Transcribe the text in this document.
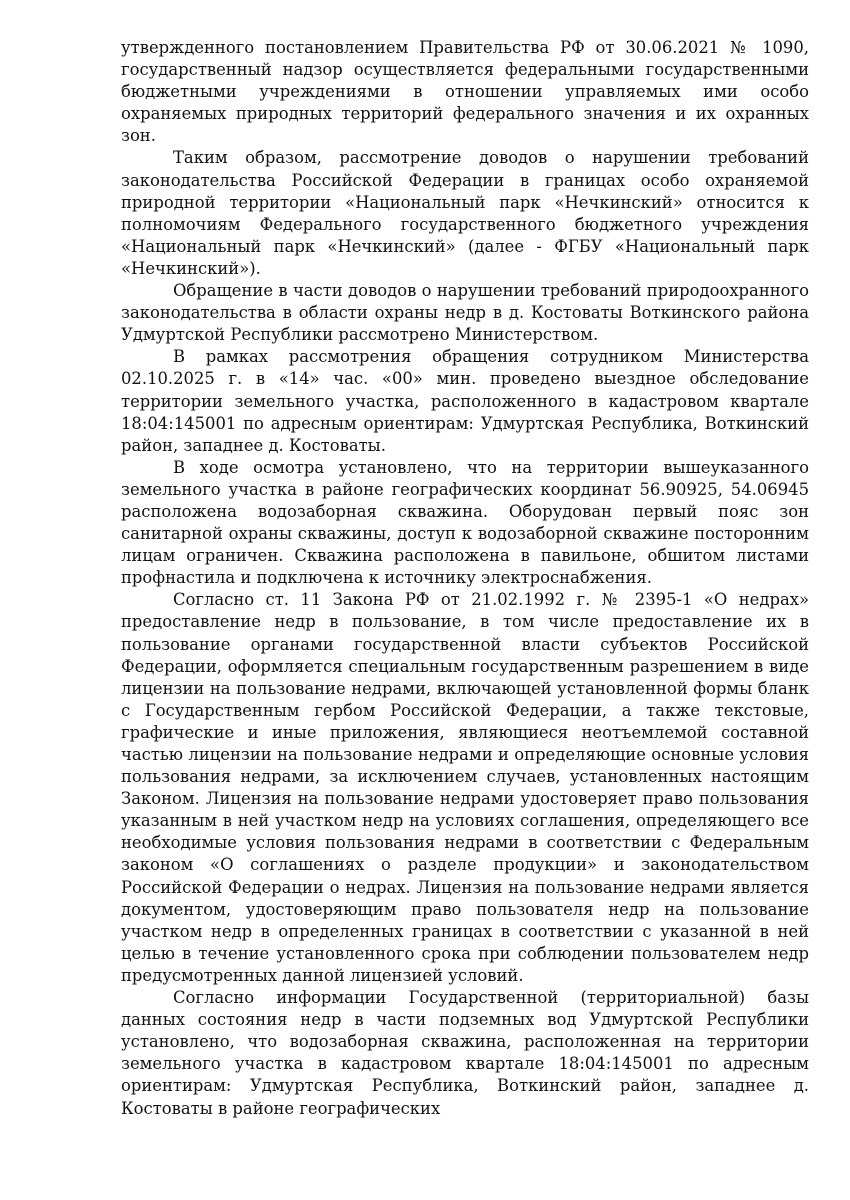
утвержденного постановлением Правительства РФ от 30.06.2021 № 1090, государственный надзор осуществляется федеральными государственными бюджетными учреждениями в отношении управляемых ими особо охраняемых природных территорий федерального значения и их охранных зон.

Таким образом, рассмотрение доводов о нарушении требований законодательства Российской Федерации в границах особо охраняемой природной территории «Национальный парк «Нечкинский» относится к полномочиям Федерального государственного бюджетного учреждения «Национальный парк «Нечкинский» (далее - ФГБУ «Национальный парк «Нечкинский»).

Обращение в части доводов о нарушении требований природоохранного законодательства в области охраны недр в д. Костоваты Воткинского района Удмуртской Республики рассмотрено Министерством.

В рамках рассмотрения обращения сотрудником Министерства 02.10.2025 г. в «14» час. «00» мин. проведено выездное обследование территории земельного участка, расположенного в кадастровом квартале 18:04:145001 по адресным ориентирам: Удмуртская Республика, Воткинский район, западнее д. Костоваты.

В ходе осмотра установлено, что на территории вышеуказанного земельного участка в районе географических координат 56.90925, 54.06945 расположена водозаборная скважина. Оборудован первый пояс зон санитарной охраны скважины, доступ к водозаборной скважине посторонним лицам ограничен. Скважина расположена в павильоне, обшитом листами профнастила и подключена к источнику электроснабжения.

Согласно ст. 11 Закона РФ от 21.02.1992 г. № 2395-1 «О недрах» предоставление недр в пользование, в том числе предоставление их в пользование органами государственной власти субъектов Российской Федерации, оформляется специальным государственным разрешением в виде лицензии на пользование недрами, включающей установленной формы бланк с Государственным гербом Российской Федерации, а также текстовые, графические и иные приложения, являющиеся неотъемлемой составной частью лицензии на пользование недрами и определяющие основные условия пользования недрами, за исключением случаев, установленных настоящим Законом. Лицензия на пользование недрами удостоверяет право пользования указанным в ней участком недр на условиях соглашения, определяющего все необходимые условия пользования недрами в соответствии с Федеральным законом «О соглашениях о разделе продукции» и законодательством Российской Федерации о недрах. Лицензия на пользование недрами является документом, удостоверяющим право пользователя недр на пользование участком недр в определенных границах в соответствии с указанной в ней целью в течение установленного срока при соблюдении пользователем недр предусмотренных данной лицензией условий.

Согласно информации Государственной (территориальной) базы данных состояния недр в части подземных вод Удмуртской Республики установлено, что водозаборная скважина, расположенная на территории земельного участка в кадастровом квартале 18:04:145001 по адресным ориентирам: Удмуртская Республика, Воткинский район, западнее д. Костоваты в районе географических
